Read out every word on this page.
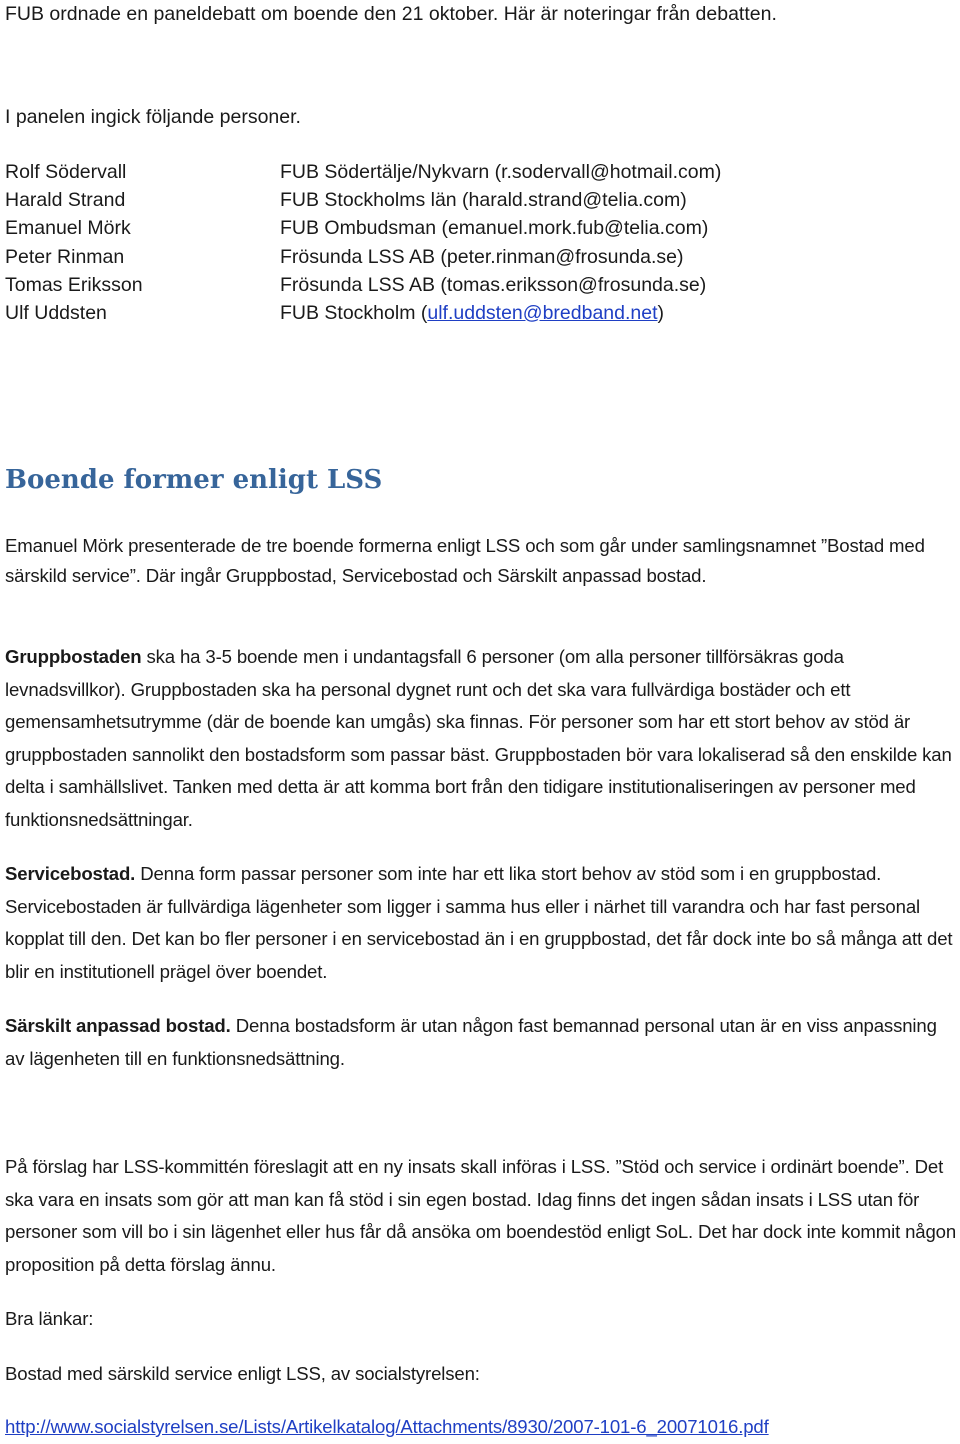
FUB ordnade en paneldebatt om boende den 21 oktober. Här är noteringar från debatten.
I panelen ingick följande personer.
Rolf Södervall	FUB Södertälje/Nykvarn (r.sodervall@hotmail.com)
Harald Strand	FUB Stockholms län (harald.strand@telia.com)
Emanuel Mörk	FUB Ombudsman (emanuel.mork.fub@telia.com)
Peter Rinman	Frösunda LSS AB (peter.rinman@frosunda.se)
Tomas Eriksson	Frösunda LSS AB (tomas.eriksson@frosunda.se)
Ulf Uddsten	FUB Stockholm (ulf.uddsten@bredband.net)
Boende former enligt LSS

Emanuel Mörk presenterade de tre boende formerna enligt LSS och som går under samlingsnamnet ”Bostad med särskild service”. Där ingår Gruppbostad, Servicebostad och Särskilt anpassad bostad.

Gruppbostaden ska ha 3-5 boende men i undantagsfall 6 personer (om alla personer tillförsäkras goda levnadsvillkor). Gruppbostaden ska ha personal dygnet runt och det ska vara fullvärdiga bostäder och ett gemensamhetsutrymme (där de boende kan umgås) ska finnas. För personer som har ett stort behov av stöd är gruppbostaden sannolikt den bostadsform som passar bäst. Gruppbostaden bör vara lokaliserad så den enskilde kan delta i samhällslivet. Tanken med detta är att komma bort från den tidigare institutionaliseringen av personer med funktionsnedsättningar.

Servicebostad. Denna form passar personer som inte har ett lika stort behov av stöd som i en gruppbostad. Servicebostaden är fullvärdiga lägenheter som ligger i samma hus eller i närhet till varandra och har fast personal kopplat till den. Det kan bo fler personer i en servicebostad än i en gruppbostad, det får dock inte bo så många att det blir en institutionell prägel över boendet.

Särskilt anpassad bostad. Denna bostadsform är utan någon fast bemannad personal utan är en viss anpassning av lägenheten till en funktionsnedsättning.

På förslag har LSS-kommittén föreslagit att en ny insats skall införas i LSS. ”Stöd och service i ordinärt boende”. Det ska vara en insats som gör att man kan få stöd i sin egen bostad. Idag finns det ingen sådan insats i LSS utan för personer som vill bo i sin lägenhet eller hus får då ansöka om boendestöd enligt SoL. Det har dock inte kommit någon proposition på detta förslag ännu.

Bra länkar:

Bostad med särskild service enligt LSS, av socialstyrelsen:

http://www.socialstyrelsen.se/Lists/Artikelkatalog/Attachments/8930/2007-101-6_20071016.pdf
